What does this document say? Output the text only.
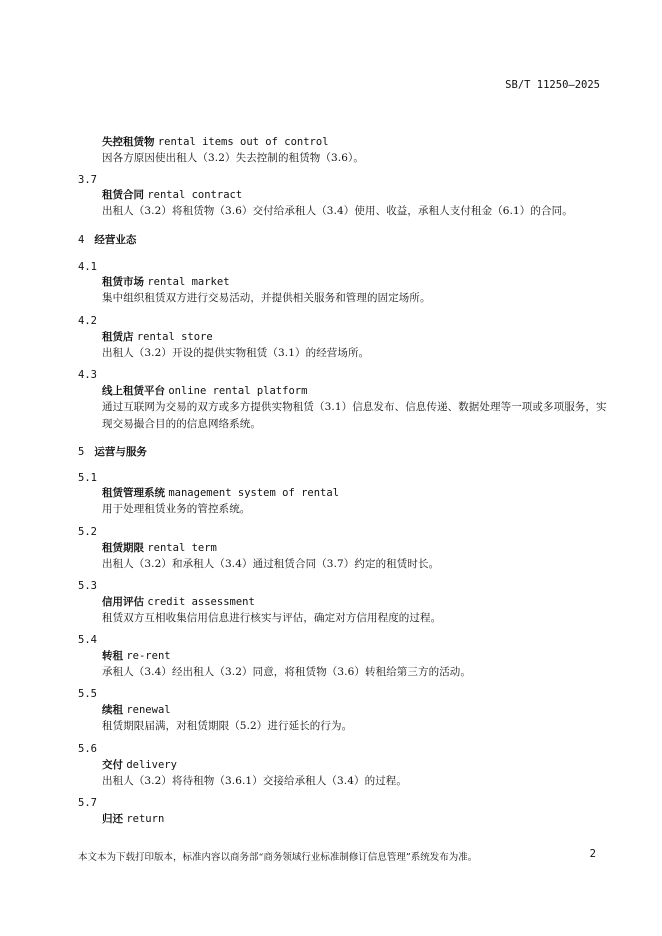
SB/T 11250—2025
失控租赁物 rental items out of control
因各方原因使出租人（3.2）失去控制的租赁物（3.6）。
3.7
租赁合同 rental contract
出租人（3.2）将租赁物（3.6）交付给承租人（3.4）使用、收益，承租人支付租金（6.1）的合同。
4 经营业态
4.1
租赁市场 rental market
集中组织租赁双方进行交易活动，并提供相关服务和管理的固定场所。
4.2
租赁店 rental store
出租人（3.2）开设的提供实物租赁（3.1）的经营场所。
4.3
线上租赁平台 online rental platform
通过互联网为交易的双方或多方提供实物租赁（3.1）信息发布、信息传递、数据处理等一项或多项服务，实现交易撮合目的的信息网络系统。
5 运营与服务
5.1
租赁管理系统 management system of rental
用于处理租赁业务的管控系统。
5.2
租赁期限 rental term
出租人（3.2）和承租人（3.4）通过租赁合同（3.7）约定的租赁时长。
5.3
信用评估 credit assessment
租赁双方互相收集信用信息进行核实与评估，确定对方信用程度的过程。
5.4
转租 re-rent
承租人（3.4）经出租人（3.2）同意，将租赁物（3.6）转租给第三方的活动。
5.5
续租 renewal
租赁期限届满，对租赁期限（5.2）进行延长的行为。
5.6
交付 delivery
出租人（3.2）将待租物（3.6.1）交接给承租人（3.4）的过程。
5.7
归还 return
本文本为下载打印版本，标准内容以商务部“商务领域行业标准制修订信息管理”系统发布为准。	2
